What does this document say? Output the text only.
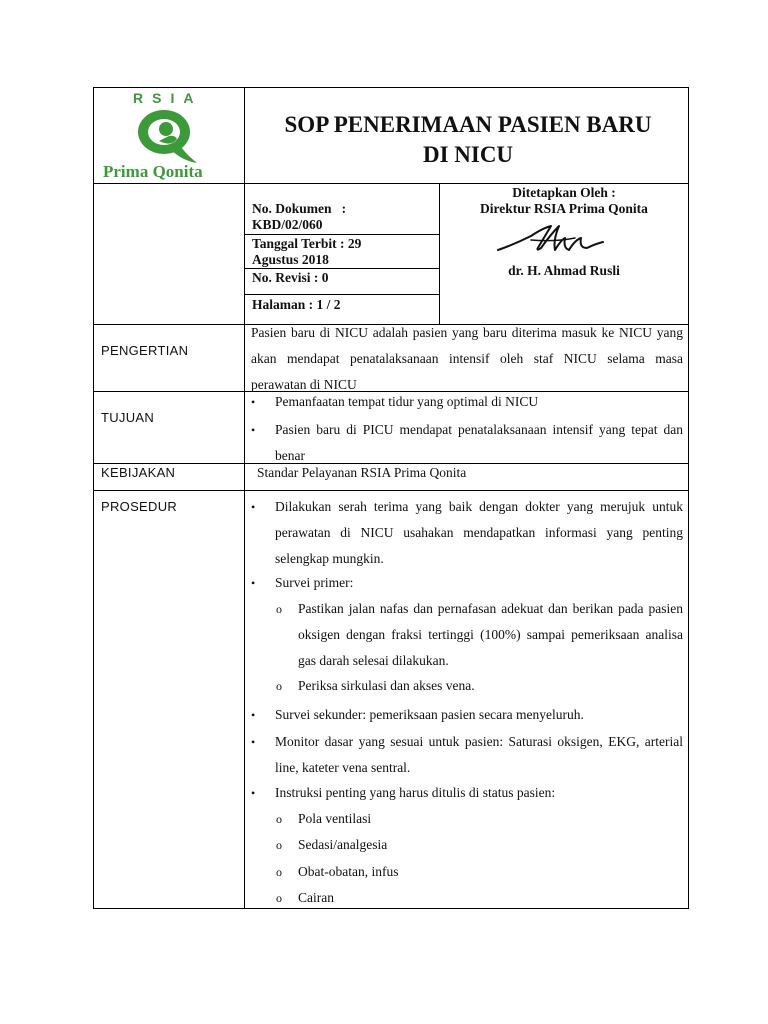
RSIA
Prima Qonita
SOP PENERIMAAN PASIEN BARU
DI NICU
No. Dokumen   :
KBD/02/060
Tanggal Terbit : 29
Agustus 2018
No. Revisi : 0
Halaman : 1 / 2
Ditetapkan Oleh :
Direktur RSIA Prima Qonita
dr. H. Ahmad Rusli
PENGERTIAN
Pasien baru di NICU adalah pasien yang baru diterima masuk ke NICU yang akan mendapat penatalaksanaan intensif oleh staf NICU selama masa perawatan di NICU
TUJUAN
• Pemanfaatan tempat tidur yang optimal di NICU
• Pasien baru di PICU mendapat penatalaksanaan intensif yang tepat dan benar
KEBIJAKAN	Standar Pelayanan RSIA Prima Qonita
PROSEDUR	• Dilakukan serah terima yang baik dengan dokter yang merujuk untuk perawatan di NICU usahakan mendapatkan informasi yang penting selengkap mungkin.
• Survei primer:
o Pastikan jalan nafas dan pernafasan adekuat dan berikan pada pasien oksigen dengan fraksi tertinggi (100%) sampai pemeriksaan analisa gas darah selesai dilakukan.
o Periksa sirkulasi dan akses vena.
• Survei sekunder: pemeriksaan pasien secara menyeluruh.
• Monitor dasar yang sesuai untuk pasien: Saturasi oksigen, EKG, arterial line, kateter vena sentral.
• Instruksi penting yang harus ditulis di status pasien:
o Pola ventilasi
o Sedasi/analgesia
o Obat-obatan, infus
o Cairan
